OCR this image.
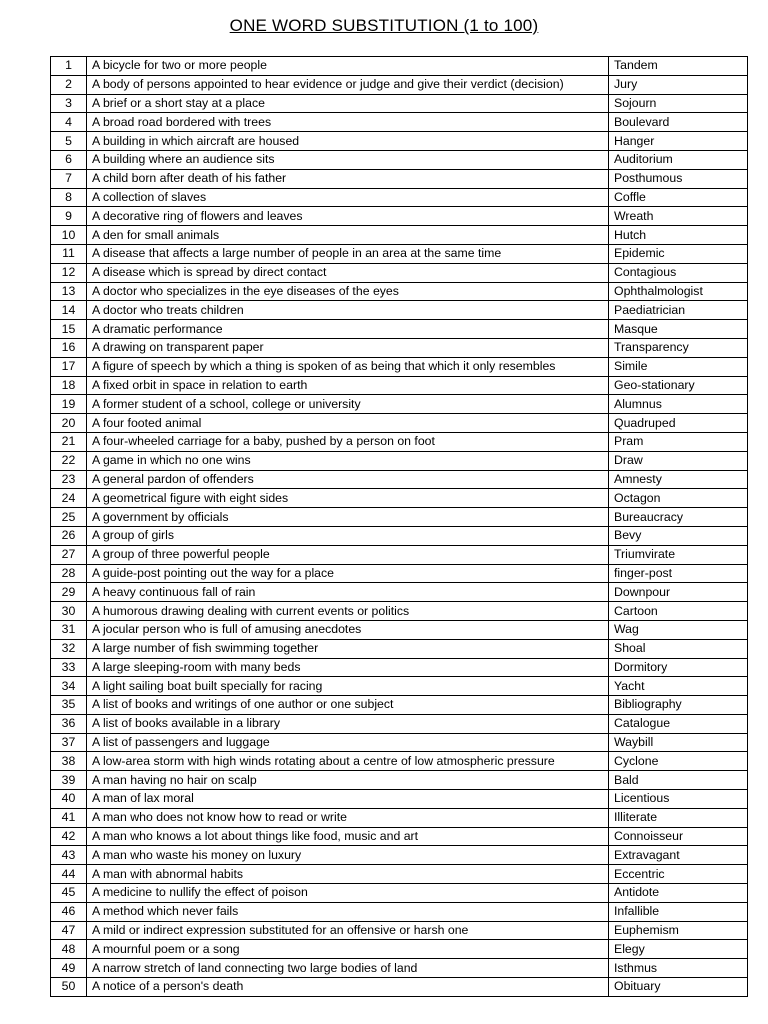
ONE WORD SUBSTITUTION (1 to 100)
1	A bicycle for two or more people	Tandem
2	A body of persons appointed to hear evidence or judge and give their verdict (decision)	Jury
3	A brief or a short stay at a place	Sojourn
4	A broad road bordered with trees	Boulevard
5	A building in which aircraft are housed	Hanger
6	A building where an audience sits	Auditorium
7	A child born after death of his father	Posthumous
8	A collection of slaves	Coffle
9	A decorative ring of flowers and leaves	Wreath
10	A den for small animals	Hutch
11	A disease that affects a large number of people in an area at the same time	Epidemic
12	A disease which is spread by direct contact	Contagious
13	A doctor who specializes in the eye diseases of the eyes	Ophthalmologist
14	A doctor who treats children	Paediatrician
15	A dramatic performance	Masque
16	A drawing on transparent paper	Transparency
17	A figure of speech by which a thing is spoken of as being that which it only resembles	Simile
18	A fixed orbit in space in relation to earth	Geo-stationary
19	A former student of a school, college or university	Alumnus
20	A four footed animal	Quadruped
21	A four-wheeled carriage for a baby, pushed by a person on foot	Pram
22	A game in which no one wins	Draw
23	A general pardon of offenders	Amnesty
24	A geometrical figure with eight sides	Octagon
25	A government by officials	Bureaucracy
26	A group of girls	Bevy
27	A group of three powerful people	Triumvirate
28	A guide-post pointing out the way for a place	finger-post
29	A heavy continuous fall of rain	Downpour
30	A humorous drawing dealing with current events or politics	Cartoon
31	A jocular person who is full of amusing anecdotes	Wag
32	A large number of fish swimming together	Shoal
33	A large sleeping-room with many beds	Dormitory
34	A light sailing boat built specially for racing	Yacht
35	A list of books and writings of one author or one subject	Bibliography
36	A list of books available in a library	Catalogue
37	A list of passengers and luggage	Waybill
38	A low-area storm with high winds rotating about a centre of low atmospheric pressure	Cyclone
39	A man having no hair on scalp	Bald
40	A man of lax moral	Licentious
41	A man who does not know how to read or write	Illiterate
42	A man who knows a lot about things like food, music and art	Connoisseur
43	A man who waste his money on luxury	Extravagant
44	A man with abnormal habits	Eccentric
45	A medicine to nullify the effect of poison	Antidote
46	A method which never fails	Infallible
47	A mild or indirect expression substituted for an offensive or harsh one	Euphemism
48	A mournful poem or a song	Elegy
49	A narrow stretch of land connecting two large bodies of land	Isthmus
50	A notice of a person's death	Obituary
